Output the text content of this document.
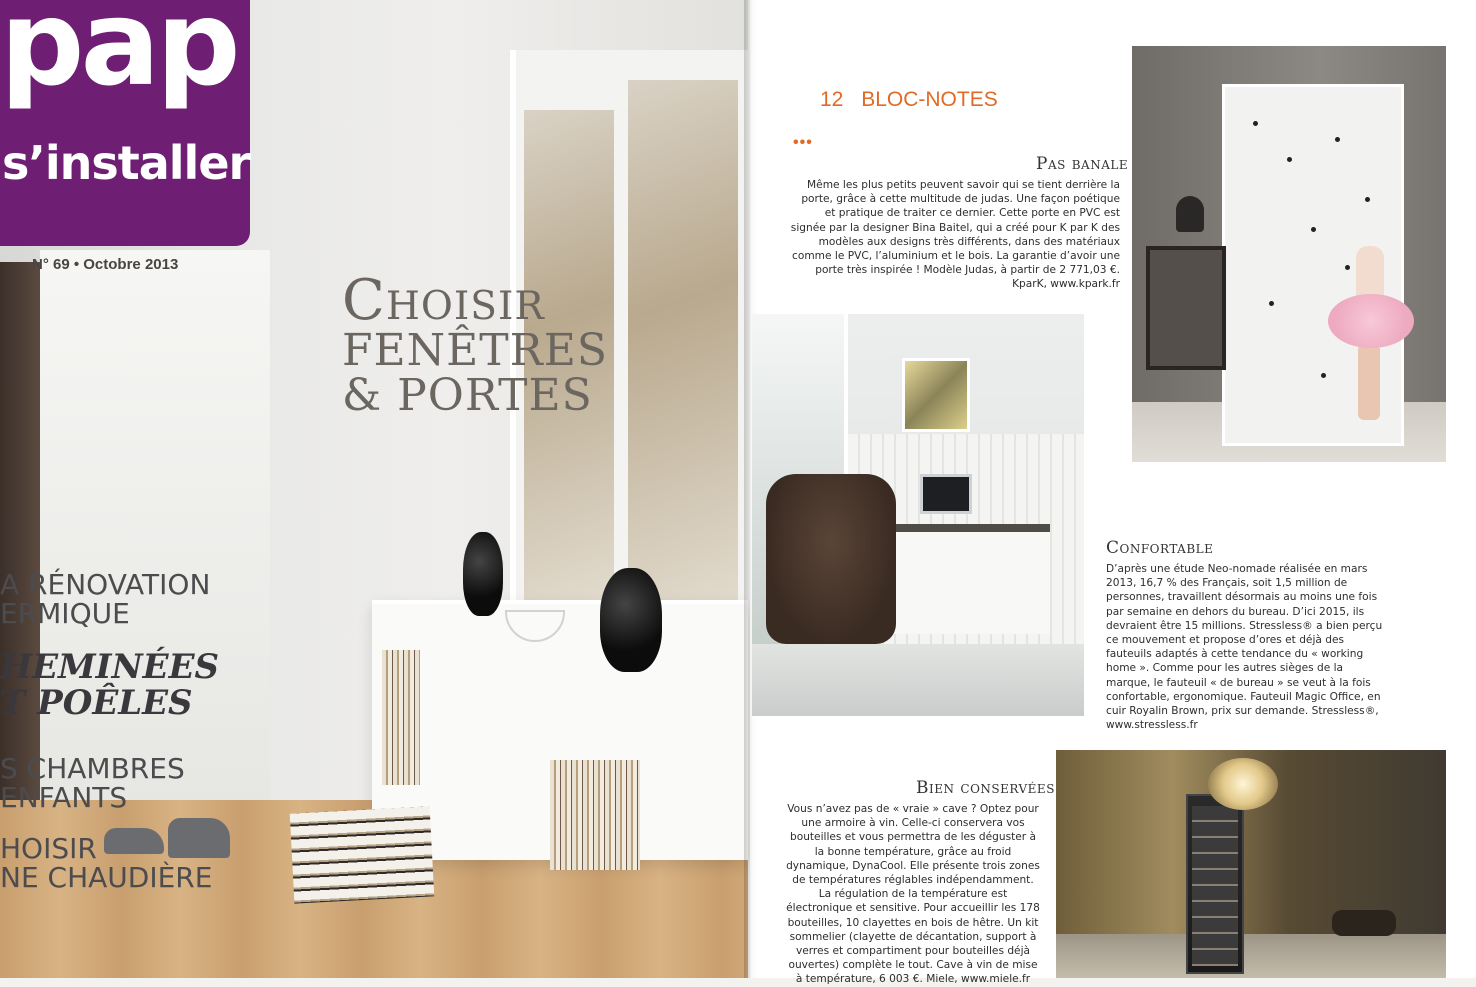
pap
s’installer
N° 69 • Octobre 2013
Choisir
FENÊTRES
& PORTES
A RÉNOVATION
ERMIQUE
HEMINÉES
T POÊLES
S CHAMBRES
ENFANTS
HOISIR
NE CHAUDIÈRE
12 BLOC-NOTES
•••
Pas banale
Même les plus petits peuvent savoir qui se tient derrière la porte, grâce à cette multitude de judas. Une façon poétique et pratique de traiter ce dernier. Cette porte en PVC est signée par la designer Bina Baitel, qui a créé pour K par K des modèles aux designs très différents, dans des matériaux comme le PVC, l’aluminium et le bois. La garantie d’avoir une porte très inspirée ! Modèle Judas, à partir de 2 771,03 €. KparK, www.kpark.fr
Confortable
D’après une étude Neo-nomade réalisée en mars 2013, 16,7 % des Français, soit 1,5 million de personnes, travaillent désormais au moins une fois par semaine en dehors du bureau. D’ici 2015, ils devraient être 15 millions. Stressless® a bien perçu ce mouvement et propose d’ores et déjà des fauteuils adaptés à cette tendance du « working home ». Comme pour les autres sièges de la marque, le fauteuil « de bureau » se veut à la fois confortable, ergonomique. Fauteuil Magic Office, en cuir Royalin Brown, prix sur demande. Stressless®, www.stressless.fr
Bien conservées
Vous n’avez pas de « vraie » cave ? Optez pour une armoire à vin. Celle-ci conservera vos bouteilles et vous permettra de les déguster à la bonne température, grâce au froid dynamique, DynaCool. Elle présente trois zones de températures réglables indépendamment. La régulation de la température est électronique et sensitive. Pour accueillir les 178 bouteilles, 10 clayettes en bois de hêtre. Un kit sommelier (clayette de décantation, support à verres et compartiment pour bouteilles déjà ouvertes) complète le tout. Cave à vin de mise à température, 6 003 €. Miele, www.miele.fr
